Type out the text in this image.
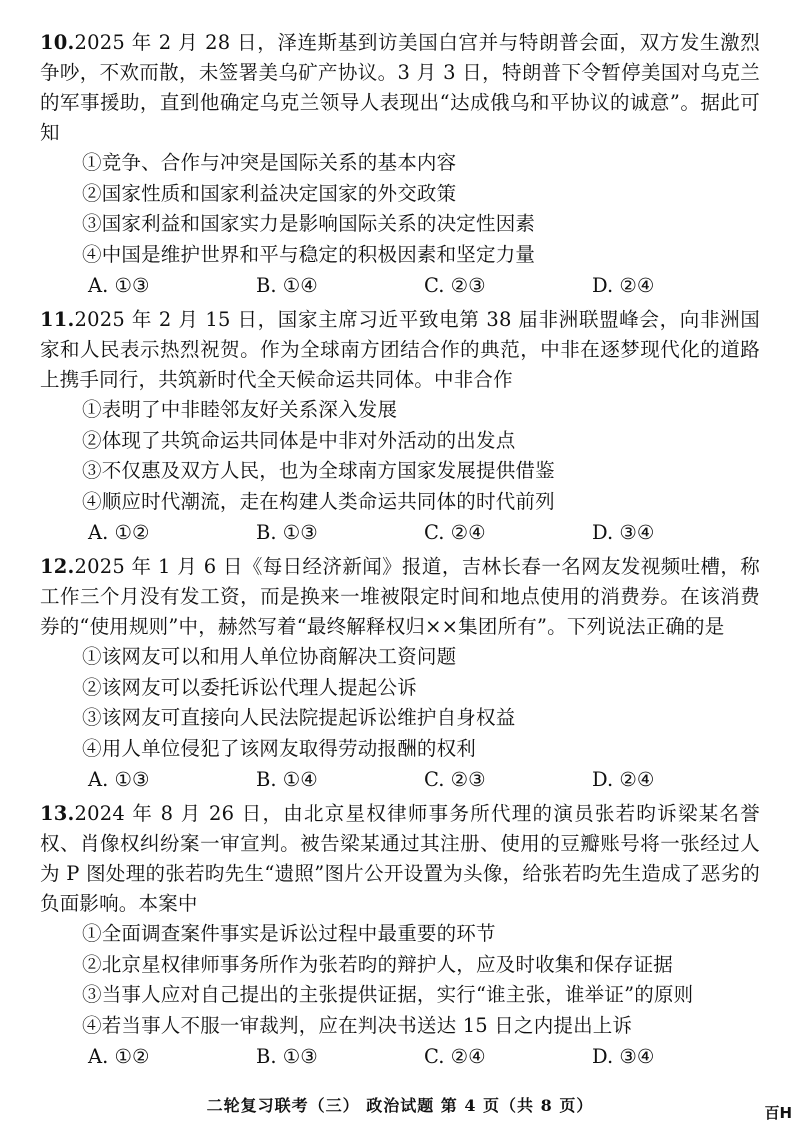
10.2025 年 2 月 28 日，泽连斯基到访美国白宫并与特朗普会面，双方发生激烈争吵，不欢而散，未签署美乌矿产协议。3 月 3 日，特朗普下令暂停美国对乌克兰的军事援助，直到他确定乌克兰领导人表现出“达成俄乌和平协议的诚意”。据此可知
①竞争、合作与冲突是国际关系的基本内容
②国家性质和国家利益决定国家的外交政策
③国家利益和国家实力是影响国际关系的决定性因素
④中国是维护世界和平与稳定的积极因素和坚定力量
A. ①③	B. ①④	C. ②③	D. ②④
11.2025 年 2 月 15 日，国家主席习近平致电第 38 届非洲联盟峰会，向非洲国家和人民表示热烈祝贺。作为全球南方团结合作的典范，中非在逐梦现代化的道路上携手同行，共筑新时代全天候命运共同体。中非合作
①表明了中非睦邻友好关系深入发展
②体现了共筑命运共同体是中非对外活动的出发点
③不仅惠及双方人民，也为全球南方国家发展提供借鉴
④顺应时代潮流，走在构建人类命运共同体的时代前列
A. ①②	B. ①③	C. ②④	D. ③④
12.2025 年 1 月 6 日《每日经济新闻》报道，吉林长春一名网友发视频吐槽，称工作三个月没有发工资，而是换来一堆被限定时间和地点使用的消费券。在该消费券的“使用规则”中，赫然写着“最终解释权归××集团所有”。下列说法正确的是
①该网友可以和用人单位协商解决工资问题
②该网友可以委托诉讼代理人提起公诉
③该网友可直接向人民法院提起诉讼维护自身权益
④用人单位侵犯了该网友取得劳动报酬的权利
A. ①③	B. ①④	C. ②③	D. ②④
13.2024 年 8 月 26 日，由北京星权律师事务所代理的演员张若昀诉梁某名誉权、肖像权纠纷案一审宣判。被告梁某通过其注册、使用的豆瓣账号将一张经过人为 P 图处理的张若昀先生“遗照”图片公开设置为头像，给张若昀先生造成了恶劣的负面影响。本案中
①全面调查案件事实是诉讼过程中最重要的环节
②北京星权律师事务所作为张若昀的辩护人，应及时收集和保存证据
③当事人应对自己提出的主张提供证据，实行“谁主张，谁举证”的原则
④若当事人不服一审裁判，应在判决书送达 15 日之内提出上诉
A. ①②	B. ①③	C. ②④	D. ③④
二轮复习联考（三） 政治试题 第 4 页（共 8 页）	百H
